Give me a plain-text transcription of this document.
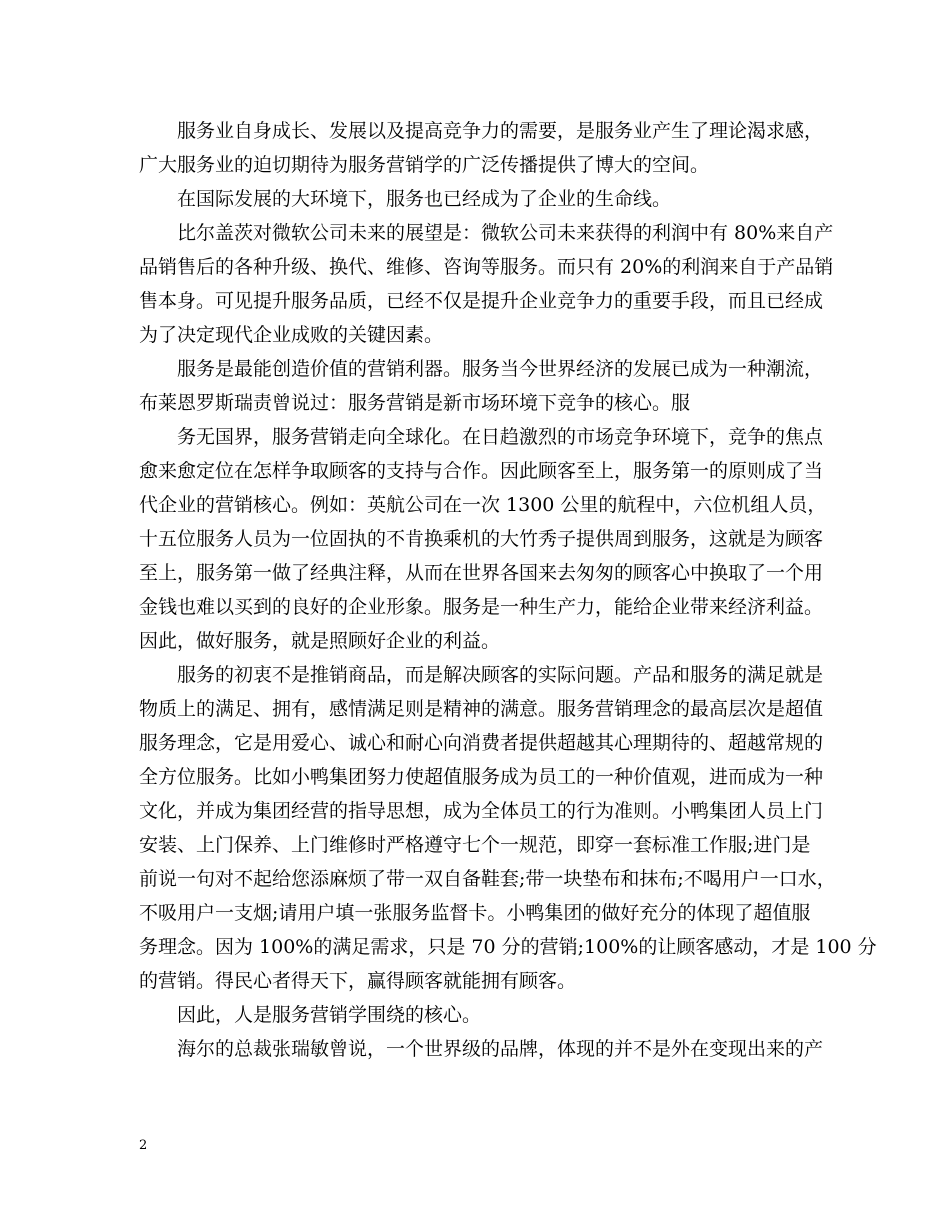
服务业自身成长、发展以及提高竞争力的需要，是服务业产生了理论渴求感，

广大服务业的迫切期待为服务营销学的广泛传播提供了博大的空间。

在国际发展的大环境下，服务也已经成为了企业的生命线。

比尔盖茨对微软公司未来的展望是：微软公司未来获得的利润中有 80%来自产

品销售后的各种升级、换代、维修、咨询等服务。而只有 20%的利润来自于产品销

售本身。可见提升服务品质，已经不仅是提升企业竞争力的重要手段，而且已经成

为了决定现代企业成败的关键因素。

服务是最能创造价值的营销利器。服务当今世界经济的发展已成为一种潮流，

布莱恩罗斯瑞责曾说过：服务营销是新市场环境下竞争的核心。服

务无国界，服务营销走向全球化。在日趋激烈的市场竞争环境下，竞争的焦点

愈来愈定位在怎样争取顾客的支持与合作。因此顾客至上，服务第一的原则成了当

代企业的营销核心。例如：英航公司在一次 1300 公里的航程中，六位机组人员，

十五位服务人员为一位固执的不肯换乘机的大竹秀子提供周到服务，这就是为顾客

至上，服务第一做了经典注释，从而在世界各国来去匆匆的顾客心中换取了一个用

金钱也难以买到的良好的企业形象。服务是一种生产力，能给企业带来经济利益。

因此，做好服务，就是照顾好企业的利益。

服务的初衷不是推销商品，而是解决顾客的实际问题。产品和服务的满足就是

物质上的满足、拥有，感情满足则是精神的满意。服务营销理念的最高层次是超值

服务理念，它是用爱心、诚心和耐心向消费者提供超越其心理期待的、超越常规的

全方位服务。比如小鸭集团努力使超值服务成为员工的一种价值观，进而成为一种

文化，并成为集团经营的指导思想，成为全体员工的行为准则。小鸭集团人员上门

安装、上门保养、上门维修时严格遵守七个一规范，即穿一套标准工作服;进门是

前说一句对不起给您添麻烦了带一双自备鞋套;带一块垫布和抹布;不喝用户一口水，

不吸用户一支烟;请用户填一张服务监督卡。小鸭集团的做好充分的体现了超值服

务理念。因为 100%的满足需求，只是 70 分的营销;100%的让顾客感动，才是 100 分

的营销。得民心者得天下，赢得顾客就能拥有顾客。

因此，人是服务营销学围绕的核心。

海尔的总裁张瑞敏曾说，一个世界级的品牌，体现的并不是外在变现出来的产

2
